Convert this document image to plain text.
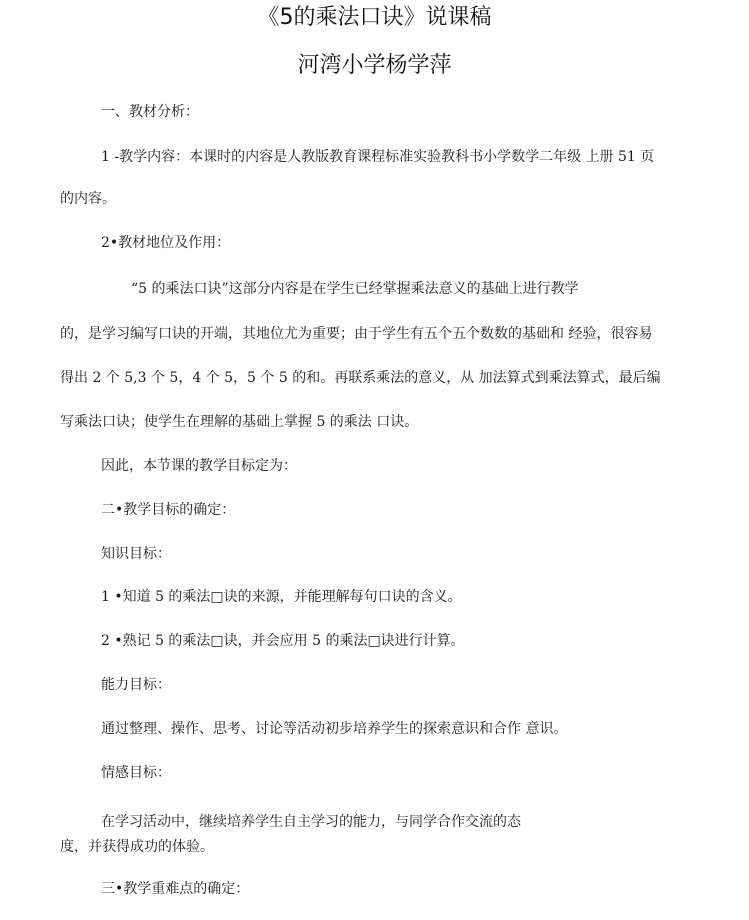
《5的乘法口诀》说课稿
河湾小学杨学萍
一、教材分析：
1 -教学内容：本课时的内容是人教版教育课程标准实验教科书小学数学二年级 上册 51 页
的内容。
2•教材地位及作用：
“5 的乘法口诀”这部分内容是在学生已经掌握乘法意义的基础上进行教学
的，是学习编写口诀的开端，其地位尤为重要；由于学生有五个五个数数的基础和 经验，很容易
得出 2 个 5,3 个 5，4 个 5，5 个 5 的和。再联系乘法的意义，从 加法算式到乘法算式，最后编
写乘法口诀；使学生在理解的基础上掌握 5 的乘法 口诀。
因此，本节课的教学目标定为：
二•教学目标的确定：
知识目标：
1 •知道 5 的乘法□诀的来源，并能理解每句口诀的含义。
2 •熟记 5 的乘法□诀，并会应用 5 的乘法□诀进行计算。
能力目标：
通过整理、操作、思考、讨论等活动初步培养学生的探索意识和合作 意识。
情感目标：
在学习活动中，继续培养学生自主学习的能力，与同学合作交流的态
度，并获得成功的体验。
三•教学重难点的确定：
